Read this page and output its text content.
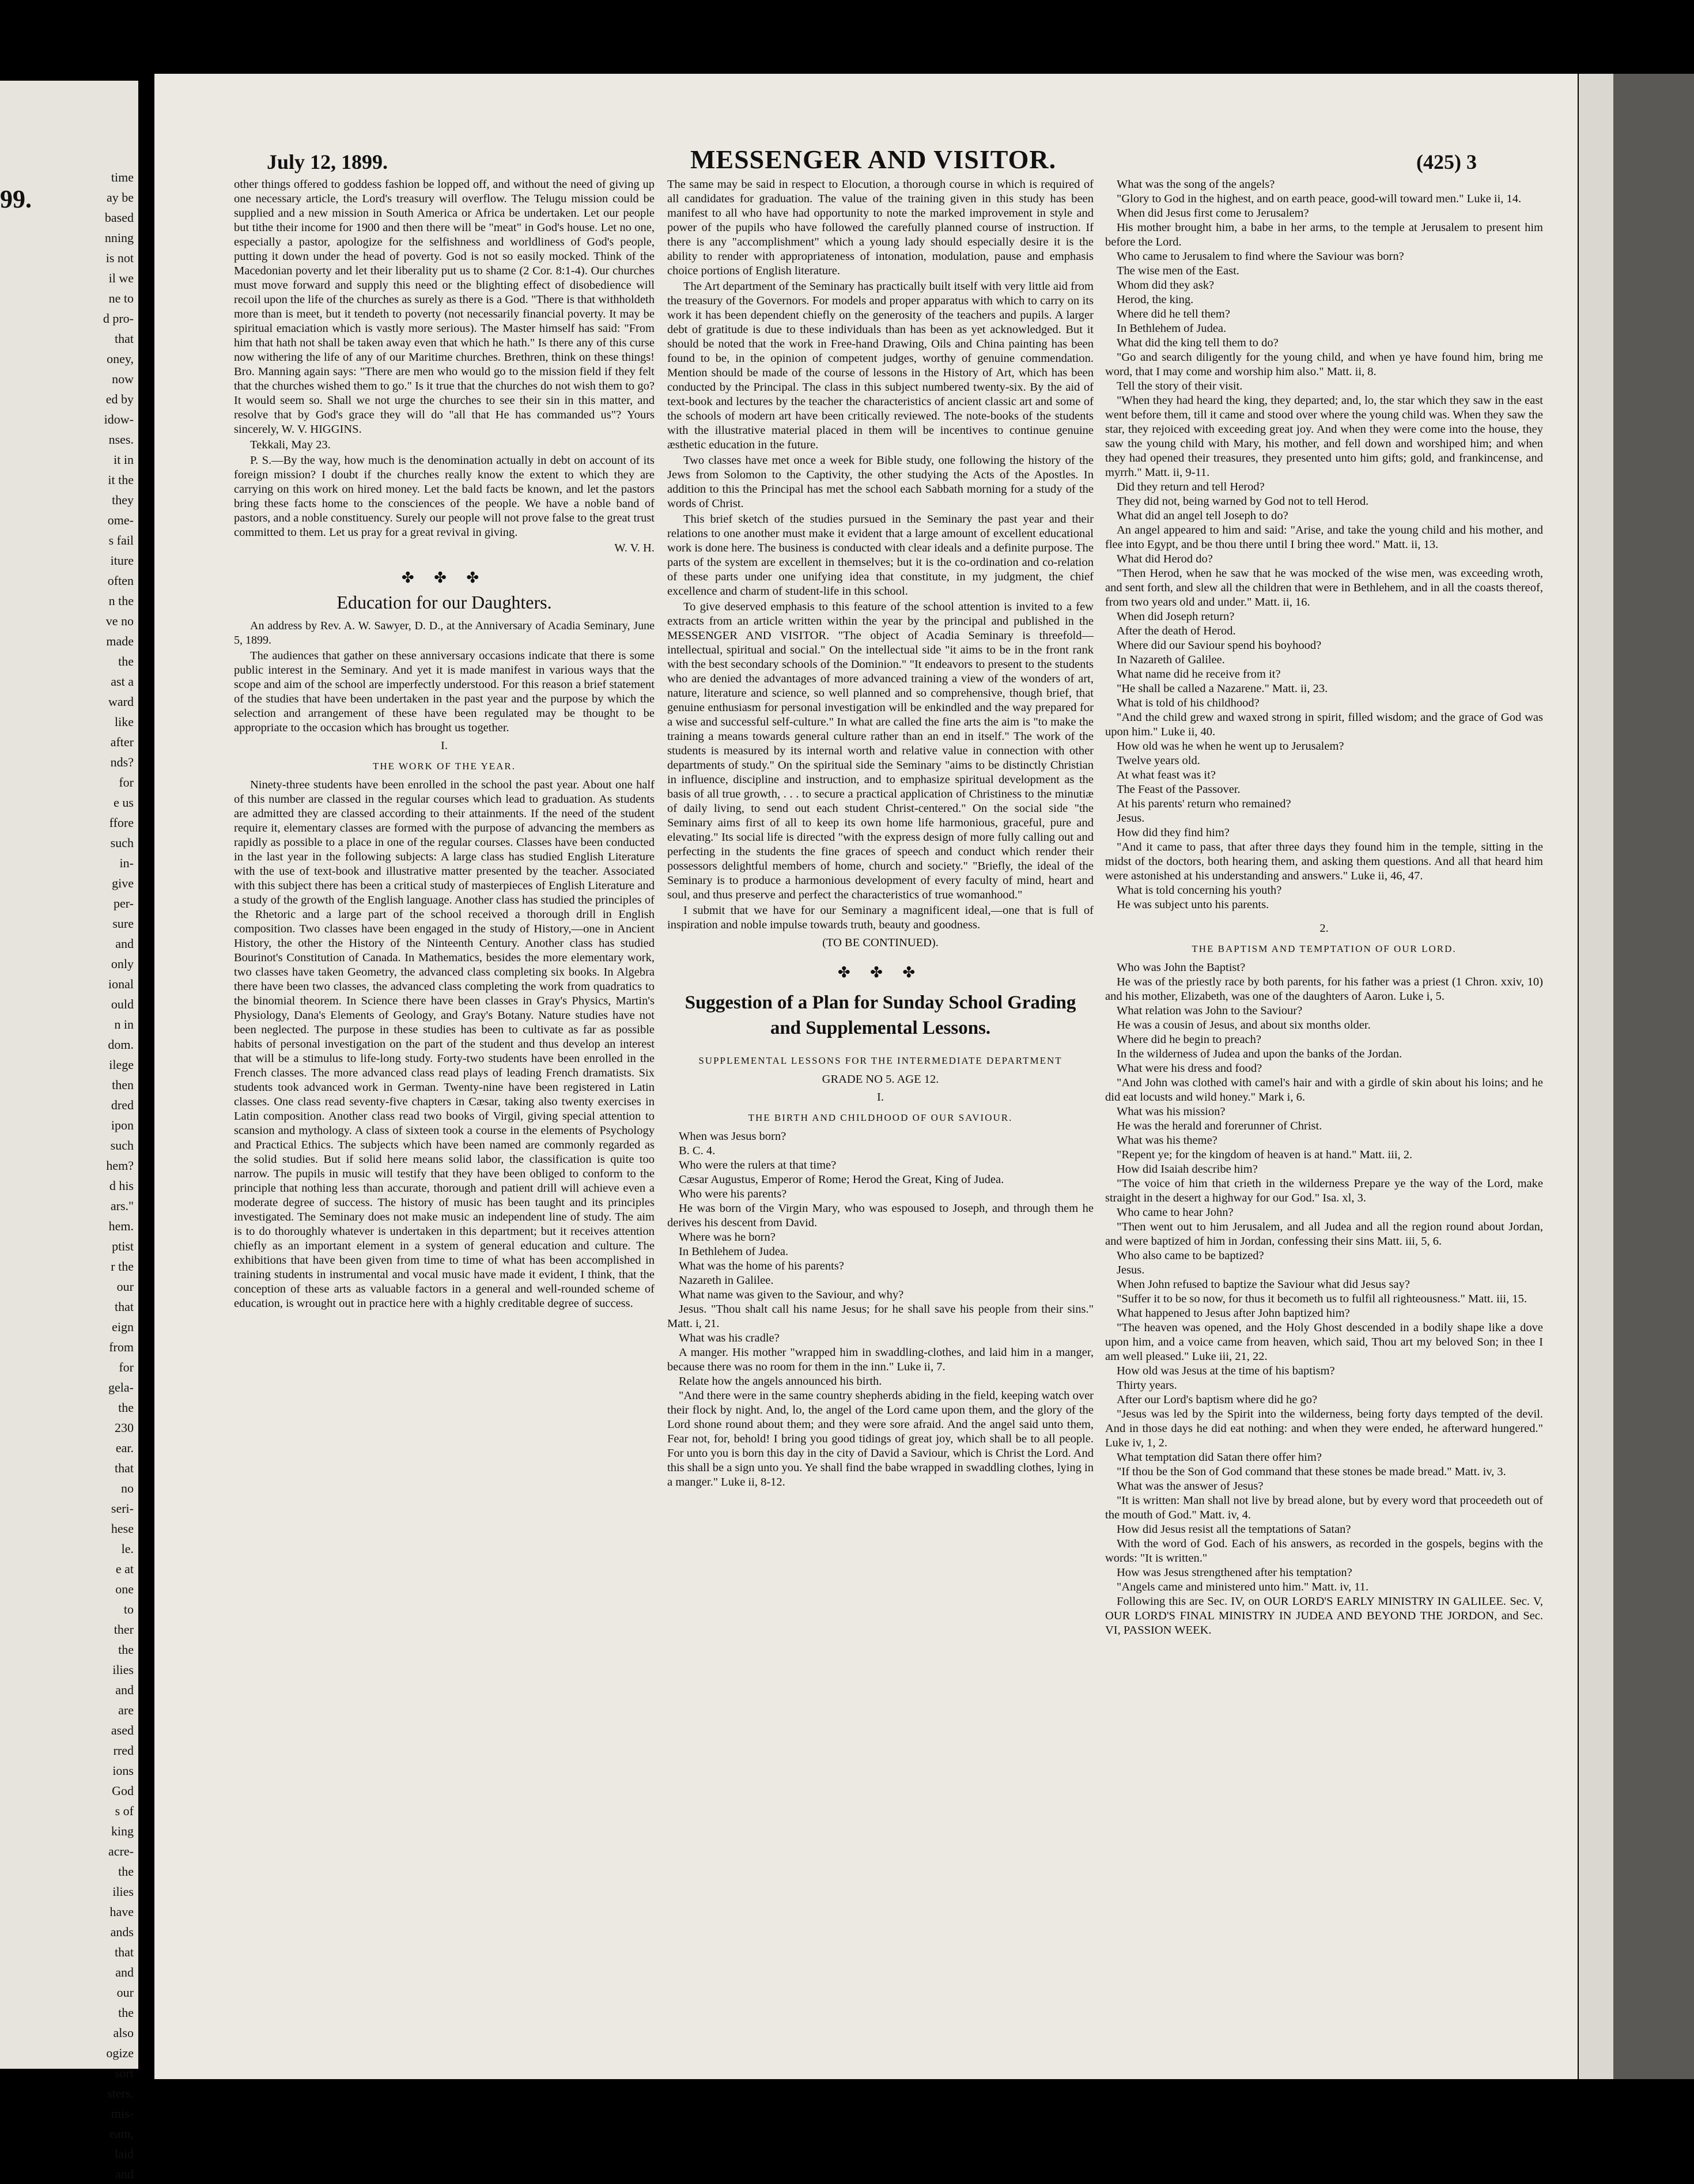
99.
time
ay be
based
nning
is not
il we
ne to
d pro-
that
oney,
now
ed by
idow-
nses.
it in
it the
they
ome-
s fail
iture
often
n the
ve no
made
the
ast a
ward
like
after
nds?
for
e us
ffore
such
in-
give
per-
sure
and
only
ional
ould
n in
dom.
ilege
then
dred
ipon
such
hem?
d his
ars."
hem.
ptist
r the
our
that
eign
from
for
gela-
the
230
ear.
that
no
seri-
hese
le.
e at
one
to
ther
the
ilies
and
are
ased
rred
ions
God
s of
king
acre-
the
ilies
have
ands
that
and
our
the
also
ogize
sort
sters.
mis-
eam,
laid
and
July 12, 1899.	MESSENGER AND VISITOR.	(425) 3

other things offered to goddess fashion be lopped off, and without the need of giving up one necessary article, the Lord's treasury will overflow. The Telugu mission could be supplied and a new mission in South America or Africa be undertaken. Let our people but tithe their income for 1900 and then there will be "meat" in God's house. Let no one, especially a pastor, apologize for the selfishness and worldliness of God's people, putting it down under the head of poverty. God is not so easily mocked. Think of the Macedonian poverty and let their liberality put us to shame (2 Cor. 8:1-4). Our churches must move forward and supply this need or the blighting effect of disobedience will recoil upon the life of the churches as surely as there is a God. "There is that withholdeth more than is meet, but it tendeth to poverty (not necessarily financial poverty. It may be spiritual emaciation which is vastly more serious). The Master himself has said: "From him that hath not shall be taken away even that which he hath." Is there any of this curse now withering the life of any of our Maritime churches. Brethren, think on these things! Bro. Manning again says: "There are men who would go to the mission field if they felt that the churches wished them to go." Is it true that the churches do not wish them to go? It would seem so. Shall we not urge the churches to see their sin in this matter, and resolve that by God's grace they will do "all that He has commanded us"? Yours sincerely, W. V. HIGGINS.

Tekkali, May 23.

P. S.—By the way, how much is the denomination actually in debt on account of its foreign mission? I doubt if the churches really know the extent to which they are carrying on this work on hired money. Let the bald facts be known, and let the pastors bring these facts home to the consciences of the people. We have a noble band of pastors, and a noble constituency. Surely our people will not prove false to the great trust committed to them. Let us pray for a great revival in giving.

W. V. H.

✤ ✤ ✤
Education for our Daughters.

An address by Rev. A. W. Sawyer, D. D., at the Anniversary of Acadia Seminary, June 5, 1899.

The audiences that gather on these anniversary occasions indicate that there is some public interest in the Seminary. And yet it is made manifest in various ways that the scope and aim of the school are imperfectly understood. For this reason a brief statement of the studies that have been undertaken in the past year and the purpose by which the selection and arrangement of these have been regulated may be thought to be appropriate to the occasion which has brought us together.

I.
THE WORK OF THE YEAR.

Ninety-three students have been enrolled in the school the past year. About one half of this number are classed in the regular courses which lead to graduation. As students are admitted they are classed according to their attainments. If the need of the student require it, elementary classes are formed with the purpose of advancing the members as rapidly as possible to a place in one of the regular courses. Classes have been conducted in the last year in the following subjects: A large class has studied English Literature with the use of text-book and illustrative matter presented by the teacher. Associated with this subject there has been a critical study of masterpieces of English Literature and a study of the growth of the English language. Another class has studied the principles of the Rhetoric and a large part of the school received a thorough drill in English composition. Two classes have been engaged in the study of History,—one in Ancient History, the other the History of the Ninteenth Century. Another class has studied Bourinot's Constitution of Canada. In Mathematics, besides the more elementary work, two classes have taken Geometry, the advanced class completing six books. In Algebra there have been two classes, the advanced class completing the work from quadratics to the binomial theorem. In Science there have been classes in Gray's Physics, Martin's Physiology, Dana's Elements of Geology, and Gray's Botany. Nature studies have not been neglected. The purpose in these studies has been to cultivate as far as possible habits of personal investigation on the part of the student and thus develop an interest that will be a stimulus to life-long study. Forty-two students have been enrolled in the French classes. The more advanced class read plays of leading French dramatists. Six students took advanced work in German. Twenty-nine have been registered in Latin classes. One class read seventy-five chapters in Cæsar, taking also twenty exercises in Latin composition. Another class read two books of Virgil, giving special attention to scansion and mythology. A class of sixteen took a course in the elements of Psychology and Practical Ethics. The subjects which have been named are commonly regarded as the solid studies. But if solid here means solid labor, the classification is quite too narrow. The pupils in music will testify that they have been obliged to conform to the principle that nothing less than accurate, thorough and patient drill will achieve even a moderate degree of success. The history of music has been taught and its principles investigated. The Seminary does not make music an independent line of study. The aim is to do thoroughly whatever is undertaken in this department; but it receives attention chiefly as an important element in a system of general education and culture. The exhibitions that have been given from time to time of what has been accomplished in training students in instrumental and vocal music have made it evident, I think, that the conception of these arts as valuable factors in a general and well-rounded scheme of education, is wrought out in practice here with a highly creditable degree of success.

The same may be said in respect to Elocution, a thorough course in which is required of all candidates for graduation. The value of the training given in this study has been manifest to all who have had opportunity to note the marked improvement in style and power of the pupils who have followed the carefully planned course of instruction. If there is any "accomplishment" which a young lady should especially desire it is the ability to render with appropriateness of intonation, modulation, pause and emphasis choice portions of English literature.

The Art department of the Seminary has practically built itself with very little aid from the treasury of the Governors. For models and proper apparatus with which to carry on its work it has been dependent chiefly on the generosity of the teachers and pupils. A larger debt of gratitude is due to these individuals than has been as yet acknowledged. But it should be noted that the work in Free-hand Drawing, Oils and China painting has been found to be, in the opinion of competent judges, worthy of genuine commendation. Mention should be made of the course of lessons in the History of Art, which has been conducted by the Principal. The class in this subject numbered twenty-six. By the aid of text-book and lectures by the teacher the characteristics of ancient classic art and some of the schools of modern art have been critically reviewed. The note-books of the students with the illustrative material placed in them will be incentives to continue genuine æsthetic education in the future.

Two classes have met once a week for Bible study, one following the history of the Jews from Solomon to the Captivity, the other studying the Acts of the Apostles. In addition to this the Principal has met the school each Sabbath morning for a study of the words of Christ.

This brief sketch of the studies pursued in the Seminary the past year and their relations to one another must make it evident that a large amount of excellent educational work is done here. The business is conducted with clear ideals and a definite purpose. The parts of the system are excellent in themselves; but it is the co-ordination and co-relation of these parts under one unifying idea that constitute, in my judgment, the chief excellence and charm of student-life in this school.

To give deserved emphasis to this feature of the school attention is invited to a few extracts from an article written within the year by the principal and published in the MESSENGER AND VISITOR. "The object of Acadia Seminary is threefold—intellectual, spiritual and social." On the intellectual side "it aims to be in the front rank with the best secondary schools of the Dominion." "It endeavors to present to the students who are denied the advantages of more advanced training a view of the wonders of art, nature, literature and science, so well planned and so comprehensive, though brief, that genuine enthusiasm for personal investigation will be enkindled and the way prepared for a wise and successful self-culture." In what are called the fine arts the aim is "to make the training a means towards general culture rather than an end in itself." The work of the students is measured by its internal worth and relative value in connection with other departments of study." On the spiritual side the Seminary "aims to be distinctly Christian in influence, discipline and instruction, and to emphasize spiritual development as the basis of all true growth, . . . to secure a practical application of Christiness to the minutiæ of daily living, to send out each student Christ-centered." On the social side "the Seminary aims first of all to keep its own home life harmonious, graceful, pure and elevating." Its social life is directed "with the express design of more fully calling out and perfecting in the students the fine graces of speech and conduct which render their possessors delightful members of home, church and society." "Briefly, the ideal of the Seminary is to produce a harmonious development of every faculty of mind, heart and soul, and thus preserve and perfect the characteristics of true womanhood."

I submit that we have for our Seminary a magnificent ideal,—one that is full of inspiration and noble impulse towards truth, beauty and goodness.

(TO BE CONTINUED).
✤ ✤ ✤
Suggestion of a Plan for Sunday School Grading and Supplemental Lessons.
SUPPLEMENTAL LESSONS FOR THE INTERMEDIATE DEPARTMENT
GRADE NO 5. AGE 12.
I.
THE BIRTH AND CHILDHOOD OF OUR SAVIOUR.

When was Jesus born?

B. C. 4.

Who were the rulers at that time?

Cæsar Augustus, Emperor of Rome; Herod the Great, King of Judea.

Who were his parents?

He was born of the Virgin Mary, who was espoused to Joseph, and through them he derives his descent from David.

Where was he born?

In Bethlehem of Judea.

What was the home of his parents?

Nazareth in Galilee.

What name was given to the Saviour, and why?

Jesus. "Thou shalt call his name Jesus; for he shall save his people from their sins." Matt. i, 21.

What was his cradle?

A manger. His mother "wrapped him in swaddling-clothes, and laid him in a manger, because there was no room for them in the inn." Luke ii, 7.

Relate how the angels announced his birth.

"And there were in the same country shepherds abiding in the field, keeping watch over their flock by night. And, lo, the angel of the Lord came upon them, and the glory of the Lord shone round about them; and they were sore afraid. And the angel said unto them, Fear not, for, behold! I bring you good tidings of great joy, which shall be to all people. For unto you is born this day in the city of David a Saviour, which is Christ the Lord. And this shall be a sign unto you. Ye shall find the babe wrapped in swaddling clothes, lying in a manger." Luke ii, 8-12.

What was the song of the angels?

"Glory to God in the highest, and on earth peace, good-will toward men." Luke ii, 14.

When did Jesus first come to Jerusalem?

His mother brought him, a babe in her arms, to the temple at Jerusalem to present him before the Lord.

Who came to Jerusalem to find where the Saviour was born?

The wise men of the East.

Whom did they ask?

Herod, the king.

Where did he tell them?

In Bethlehem of Judea.

What did the king tell them to do?

"Go and search diligently for the young child, and when ye have found him, bring me word, that I may come and worship him also." Matt. ii, 8.

Tell the story of their visit.

"When they had heard the king, they departed; and, lo, the star which they saw in the east went before them, till it came and stood over where the young child was. When they saw the star, they rejoiced with exceeding great joy. And when they were come into the house, they saw the young child with Mary, his mother, and fell down and worshiped him; and when they had opened their treasures, they presented unto him gifts; gold, and frankincense, and myrrh." Matt. ii, 9-11.

Did they return and tell Herod?

They did not, being warned by God not to tell Herod.

What did an angel tell Joseph to do?

An angel appeared to him and said: "Arise, and take the young child and his mother, and flee into Egypt, and be thou there until I bring thee word." Matt. ii, 13.

What did Herod do?

"Then Herod, when he saw that he was mocked of the wise men, was exceeding wroth, and sent forth, and slew all the children that were in Bethlehem, and in all the coasts thereof, from two years old and under." Matt. ii, 16.

When did Joseph return?

After the death of Herod.

Where did our Saviour spend his boyhood?

In Nazareth of Galilee.

What name did he receive from it?

"He shall be called a Nazarene." Matt. ii, 23.

What is told of his childhood?

"And the child grew and waxed strong in spirit, filled wisdom; and the grace of God was upon him." Luke ii, 40.

How old was he when he went up to Jerusalem?

Twelve years old.

At what feast was it?

The Feast of the Passover.

At his parents' return who remained?

Jesus.

How did they find him?

"And it came to pass, that after three days they found him in the temple, sitting in the midst of the doctors, both hearing them, and asking them questions. And all that heard him were astonished at his understanding and answers." Luke ii, 46, 47.

What is told concerning his youth?

He was subject unto his parents.

2.
THE BAPTISM AND TEMPTATION OF OUR LORD.

Who was John the Baptist?

He was of the priestly race by both parents, for his father was a priest (1 Chron. xxiv, 10) and his mother, Elizabeth, was one of the daughters of Aaron. Luke i, 5.

What relation was John to the Saviour?

He was a cousin of Jesus, and about six months older.

Where did he begin to preach?

In the wilderness of Judea and upon the banks of the Jordan.

What were his dress and food?

"And John was clothed with camel's hair and with a girdle of skin about his loins; and he did eat locusts and wild honey." Mark i, 6.

What was his mission?

He was the herald and forerunner of Christ.

What was his theme?

"Repent ye; for the kingdom of heaven is at hand." Matt. iii, 2.

How did Isaiah describe him?

"The voice of him that crieth in the wilderness Prepare ye the way of the Lord, make straight in the desert a highway for our God." Isa. xl, 3.

Who came to hear John?

"Then went out to him Jerusalem, and all Judea and all the region round about Jordan, and were baptized of him in Jordan, confessing their sins Matt. iii, 5, 6.

Who also came to be baptized?

Jesus.

When John refused to baptize the Saviour what did Jesus say?

"Suffer it to be so now, for thus it becometh us to fulfil all righteousness." Matt. iii, 15.

What happened to Jesus after John baptized him?

"The heaven was opened, and the Holy Ghost descended in a bodily shape like a dove upon him, and a voice came from heaven, which said, Thou art my beloved Son; in thee I am well pleased." Luke iii, 21, 22.

How old was Jesus at the time of his baptism?

Thirty years.

After our Lord's baptism where did he go?

"Jesus was led by the Spirit into the wilderness, being forty days tempted of the devil. And in those days he did eat nothing: and when they were ended, he afterward hungered." Luke iv, 1, 2.

What temptation did Satan there offer him?

"If thou be the Son of God command that these stones be made bread." Matt. iv, 3.

What was the answer of Jesus?

"It is written: Man shall not live by bread alone, but by every word that proceedeth out of the mouth of God." Matt. iv, 4.

How did Jesus resist all the temptations of Satan?

With the word of God. Each of his answers, as recorded in the gospels, begins with the words: "It is written."

How was Jesus strengthened after his temptation?

"Angels came and ministered unto him." Matt. iv, 11.

Following this are Sec. IV, on OUR LORD'S EARLY MINISTRY IN GALILEE. Sec. V, OUR LORD'S FINAL MINISTRY IN JUDEA AND BEYOND THE JORDON, and Sec. VI, PASSION WEEK.
